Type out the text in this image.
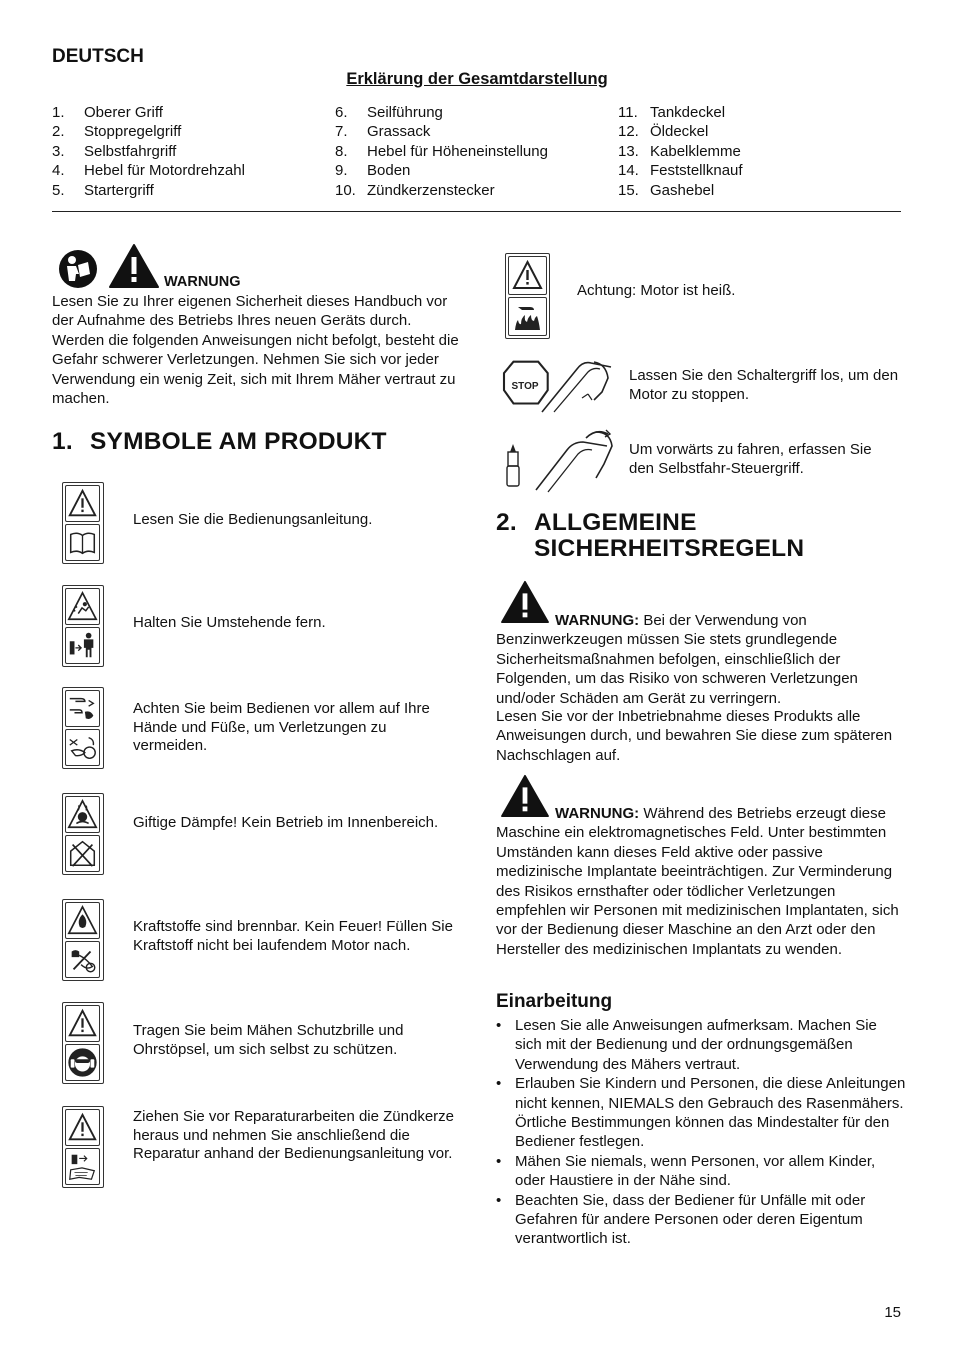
DEUTSCH
Erklärung der Gesamtdarstellung
1.	Oberer Griff
2.	Stoppregelgriff
3.	Selbstfahrgriff
4.	Hebel für Motordrehzahl
5.	Startergriff
6.	Seilführung
7.	Grassack
8.	Hebel für Höheneinstellung
9.	Boden
10. Zündkerzenstecker
11. Tankdeckel
12. Öldeckel
13. Kabelklemme
14. Feststellknauf
15. Gashebel
WARNUNG
Lesen Sie zu Ihrer eigenen Sicherheit dieses Handbuch vor der Aufnahme des Betriebs Ihres neuen Geräts durch. Werden die folgenden Anweisungen nicht befolgt, besteht die Gefahr schwerer Verletzungen. Nehmen Sie sich vor jeder Verwendung ein wenig Zeit, sich mit Ihrem Mäher vertraut zu machen.
1. SYMBOLE AM PRODUKT
Lesen Sie die Bedienungsanleitung.
Halten Sie Umstehende fern.
Achten Sie beim Bedienen vor allem auf Ihre Hände und Füße, um Verletzungen zu vermeiden.
Giftige Dämpfe! Kein Betrieb im Innenbereich.
Kraftstoffe sind brennbar. Kein Feuer! Füllen Sie Kraftstoff nicht bei laufendem Motor nach.
Tragen Sie beim Mähen Schutzbrille und Ohrstöpsel, um sich selbst zu schützen.
Ziehen Sie vor Reparaturarbeiten die Zündkerze heraus und nehmen Sie anschließend die Reparatur anhand der Bedienungsanleitung vor.
Achtung: Motor ist heiß.
STOP
Lassen Sie den Schaltergriff los, um den Motor zu stoppen.
Um vorwärts zu fahren, erfassen Sie den Selbstfahr-Steuergriff.
2. ALLGEMEINE
SICHERHEITSREGELN
WARNUNG: Bei der Verwendung von Benzinwerkzeugen müssen Sie stets grundlegende Sicherheitsmaßnahmen befolgen, einschließlich der Folgenden, um das Risiko von schweren Verletzungen und/oder Schäden am Gerät zu verringern.
Lesen Sie vor der Inbetriebnahme dieses Produkts alle Anweisungen durch, und bewahren Sie diese zum späteren Nachschlagen auf.
WARNUNG: Während des Betriebs erzeugt diese Maschine ein elektromagnetisches Feld. Unter bestimmten Umständen kann dieses Feld aktive oder passive medizinische Implantate beeinträchtigen. Zur Verminderung des Risikos ernsthafter oder tödlicher Verletzungen empfehlen wir Personen mit medizinischen Implantaten, sich vor der Bedienung dieser Maschine an den Arzt oder den Hersteller des medizinischen Implantats zu wenden.
Einarbeitung
• Lesen Sie alle Anweisungen aufmerksam. Machen Sie sich mit der Bedienung und der ordnungsgemäßen Verwendung des Mähers vertraut.
• Erlauben Sie Kindern und Personen, die diese Anleitungen nicht kennen, NIEMALS den Gebrauch des Rasenmähers. Örtliche Bestimmungen können das Mindestalter für den Bediener festlegen.
• Mähen Sie niemals, wenn Personen, vor allem Kinder, oder Haustiere in der Nähe sind.
• Beachten Sie, dass der Bediener für Unfälle mit oder Gefahren für andere Personen oder deren Eigentum verantwortlich ist.
15
